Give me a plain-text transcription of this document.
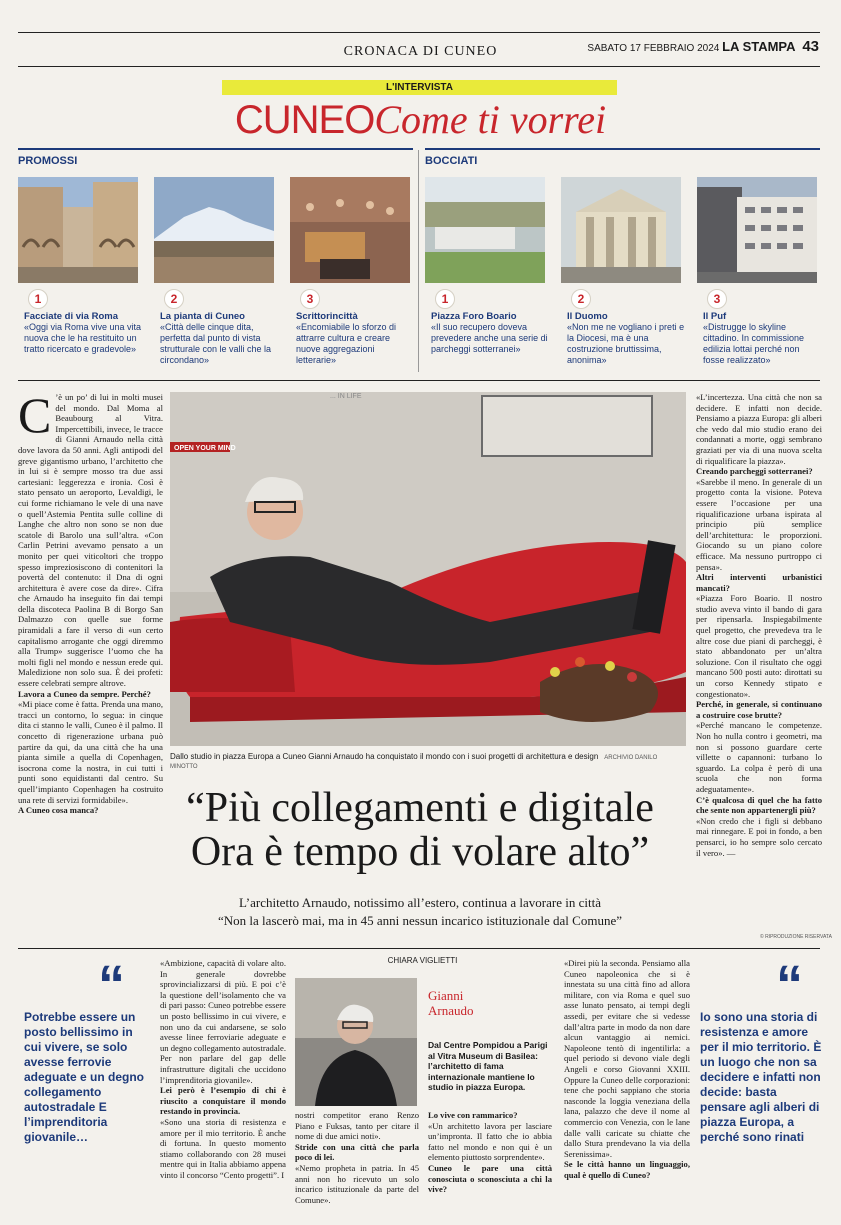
CRONACA DI CUNEO	SABATO 17 FEBBRAIO 2024 LA STAMPA 43
L'INTERVISTA
CUNEOCome ti vorrei
PROMOSSI	BOCCIATI
1
Facciate di via Roma
«Oggi via Roma vive una vita nuova che le ha restituito un tratto ricercato e gradevole»
2
La pianta di Cuneo
«Città delle cinque dita, perfetta dal punto di vista strutturale con le valli che la circondano»
3
Scrittorincittà
«Encomiabile lo sforzo di attrarre cultura e creare nuove aggregazioni letterarie»
1
Piazza Foro Boario
«Il suo recupero doveva prevedere anche una serie di parcheggi sotterranei»
2
Il Duomo
«Non me ne vogliano i preti e la Diocesi, ma è una costruzione bruttissima, anonima»
3
Il Puf
«Distrugge lo skyline cittadino. In commissione edilizia lottai perché non fosse realizzato»
C ’è un po’ di lui in molti musei del mondo. Dal Moma al Beaubourg al Vitra. Impercettibili, invece, le tracce di Gianni Arnaudo nella città dove lavora da 50 anni. Agli antipodi del greve gigantismo urbano, l’architetto che in lui si è sempre mosso tra due assi cartesiani: leggerezza e ironia. Così è stato pensato un aeroporto, Levaldigi, le cui forme richiamano le vele di una nave o quell’Astemia Pentita sulle colline di Langhe che altro non sono se non due scatole di Barolo una sull’altra. «Con Carlin Petrini avevamo pensato a un monito per quei viticoltori che troppo spesso impreziosiscono di contenitori la povertà del contenuto: il Dna di ogni architettura è avere cose da dire». Cifra che Arnaudo ha inseguito fin dai tempi della discoteca Paolina B di Borgo San Dalmazzo con quelle sue forme piramidali a fare il verso di «un certo capitalismo arrogante che oggi diremmo alla Trump» suggerisce l’uomo che ha molti figli nel mondo e nessun erede qui. Maledizione non solo sua. È dei profeti: essere celebrati sempre altrove.

Lavora a Cuneo da sempre. Perché?

«Mi piace come è fatta. Prenda una mano, tracci un contorno, lo segua: in cinque dita ci stanno le valli, Cuneo è il palmo. Il concetto di rigenerazione urbana può partire da qui, da una città che ha una pianta simile a quella di Copenhagen, isocrona come la nostra, in cui tutti i punti sono equidistanti dal centro. Su quell’impianto Copenhagen ha costruito una rete di servizi formidabile».

A Cuneo cosa manca?

OPEN YOUR MIND
... IN LIFE
Dallo studio in piazza Europa a Cuneo Gianni Arnaudo ha conquistato il mondo con i suoi progetti di architettura e design ARCHIVIO DANILO MINOTTO
“Più collegamenti e digitale
Ora è tempo di volare alto”
L’architetto Arnaudo, notissimo all’estero, continua a lavorare in città
“Non la lascerò mai, ma in 45 anni nessun incarico istituzionale dal Comune”

«L’incertezza. Una città che non sa decidere. E infatti non decide. Pensiamo a piazza Europa: gli alberi che vedo dal mio studio erano dei condannati a morte, oggi sembrano graziati per via di una nuova scelta di riqualificare la piazza».

Creando parcheggi sotterranei?

«Sarebbe il meno. In generale di un progetto conta la visione. Poteva essere l’occasione per una riqualificazione urbana ispirata al principio più semplice dell’architettura: le proporzioni. Giocando su un piano colore efficace. Ma nessuno purtroppo ci pensa».

Altri interventi urbanistici mancati?

«Piazza Foro Boario. Il nostro studio aveva vinto il bando di gara per ripensarla. Inspiegabilmente quel progetto, che prevedeva tra le altre cose due piani di parcheggi, è stato abbandonato per un’altra soluzione. Con il risultato che oggi mancano 500 posti auto: dirottati su un corso Kennedy stipato e congestionato».

Perché, in generale, si continuano a costruire cose brutte?

«Perché mancano le competenze. Non ho nulla contro i geometri, ma non si possono guardare certe villette o capannoni: turbano lo sguardo. La colpa è però di una scuola che non forma adeguatamente».

C’è qualcosa di quel che ha fatto che sente non appartenergli più?

«Non credo che i figli si debbano mai rinnegare. E poi in fondo, a ben pensarci, io ho sempre solo cercato il vero». —

© RIPRODUZIONE RISERVATA
CHIARA VIGLIETTI
“
Potrebbe essere un posto bellissimo in cui vivere, se solo avesse ferrovie adeguate e un degno collegamento autostradale E l’imprenditoria giovanile…

«Ambizione, capacità di volare alto. In generale dovrebbe sprovincializzarsi di più. E poi c’è la questione dell’isolamento che va di pari passo: Cuneo potrebbe essere un posto bellissimo in cui vivere, e non uno da cui andarsene, se solo avesse linee ferroviarie adeguate e un degno collegamento autostradale. Per non parlare del gap delle infrastrutture digitali che uccidono l’imprenditoria giovanile».

Lei però è l’esempio di chi è riuscito a conquistare il mondo restando in provincia.

«Sono una storia di resistenza e amore per il mio territorio. È anche di fortuna. In questo momento stiamo collaborando con 28 musei mentre qui in Italia abbiamo appena vinto il concorso “Cento progetti”. I

Gianni
Arnaudo
Dal Centre Pompidou a Parigi al Vitra Museum di Basilea: l’architetto di fama internazionale mantiene lo studio in piazza Europa.

nostri competitor erano Renzo Piano e Fuksas, tanto per citare il nome di due amici noti».

Stride con una città che parla poco di lei.

«Nemo propheta in patria. In 45 anni non ho ricevuto un solo incarico istituzionale da parte del Comune».

Lo vive con rammarico?

«Un architetto lavora per lasciare un’impronta. Il fatto che io abbia fatto nel mondo e non qui è un elemento piuttosto sorprendente».

Cuneo le pare una città conosciuta o sconosciuta a chi la vive?

«Direi più la seconda. Pensiamo alla Cuneo napoleonica che si è innestata su una città fino ad allora militare, con via Roma e quel suo asse lunato pensato, ai tempi degli assedi, per evitare che si vedesse dall’altra parte in modo da non dare alcun vantaggio ai nemici. Napoleone tentò di ingentilirla: a quel periodo si devono viale degli Angeli e corso Giovanni XXIII. Oppure la Cuneo delle corporazioni: tene che pochi sappiano che storia nasconde la loggia veneziana della lana, palazzo che deve il nome al commercio con Venezia, con le lane dalle valli caricate su chiatte che dallo Stura prendevano la via della Serenissima».

Se le città hanno un linguaggio, qual è quello di Cuneo?

“
Io sono una storia di resistenza e amore per il mio territorio. È un luogo che non sa decidere e infatti non decide: basta pensare agli alberi di piazza Europa, a perché sono rinati
